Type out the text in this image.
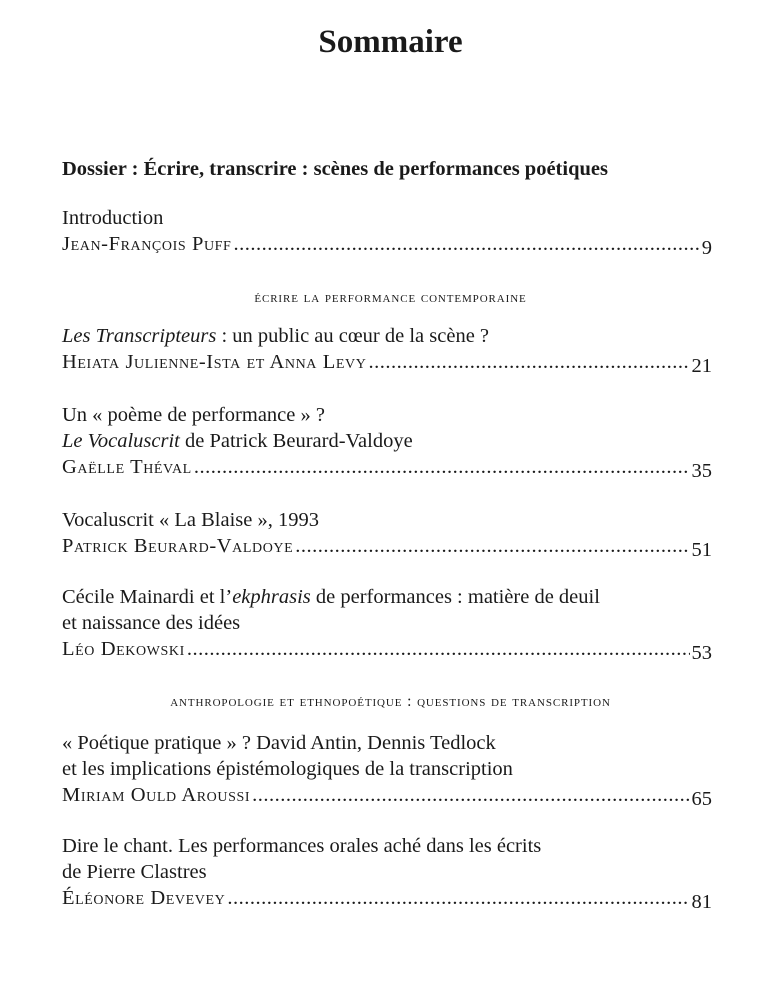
Sommaire
Dossier : Écrire, transcrire : scènes de performances poétiques
Introduction
Jean-François Puff .....	9
écrire la performance contemporaine
Les Transcripteurs : un public au cœur de la scène ?
Heiata Julienne-Ista et Anna Levy .....	21
Un « poème de performance » ?
Le Vocaluscrit de Patrick Beurard-Valdoye
Gaëlle Théval .....	35
Vocaluscrit « La Blaise », 1993
Patrick Beurard-Valdoye .....	51
Cécile Mainardi et l’ekphrasis de performances : matière de deuil
et naissance des idées
Léo Dekowski .....	53
anthropologie et ethnopoétique : questions de transcription
« Poétique pratique » ? David Antin, Dennis Tedlock
et les implications épistémologiques de la transcription
Miriam Ould Aroussi .....	65
Dire le chant. Les performances orales aché dans les écrits
de Pierre Clastres
Éléonore Devevey .....	81
